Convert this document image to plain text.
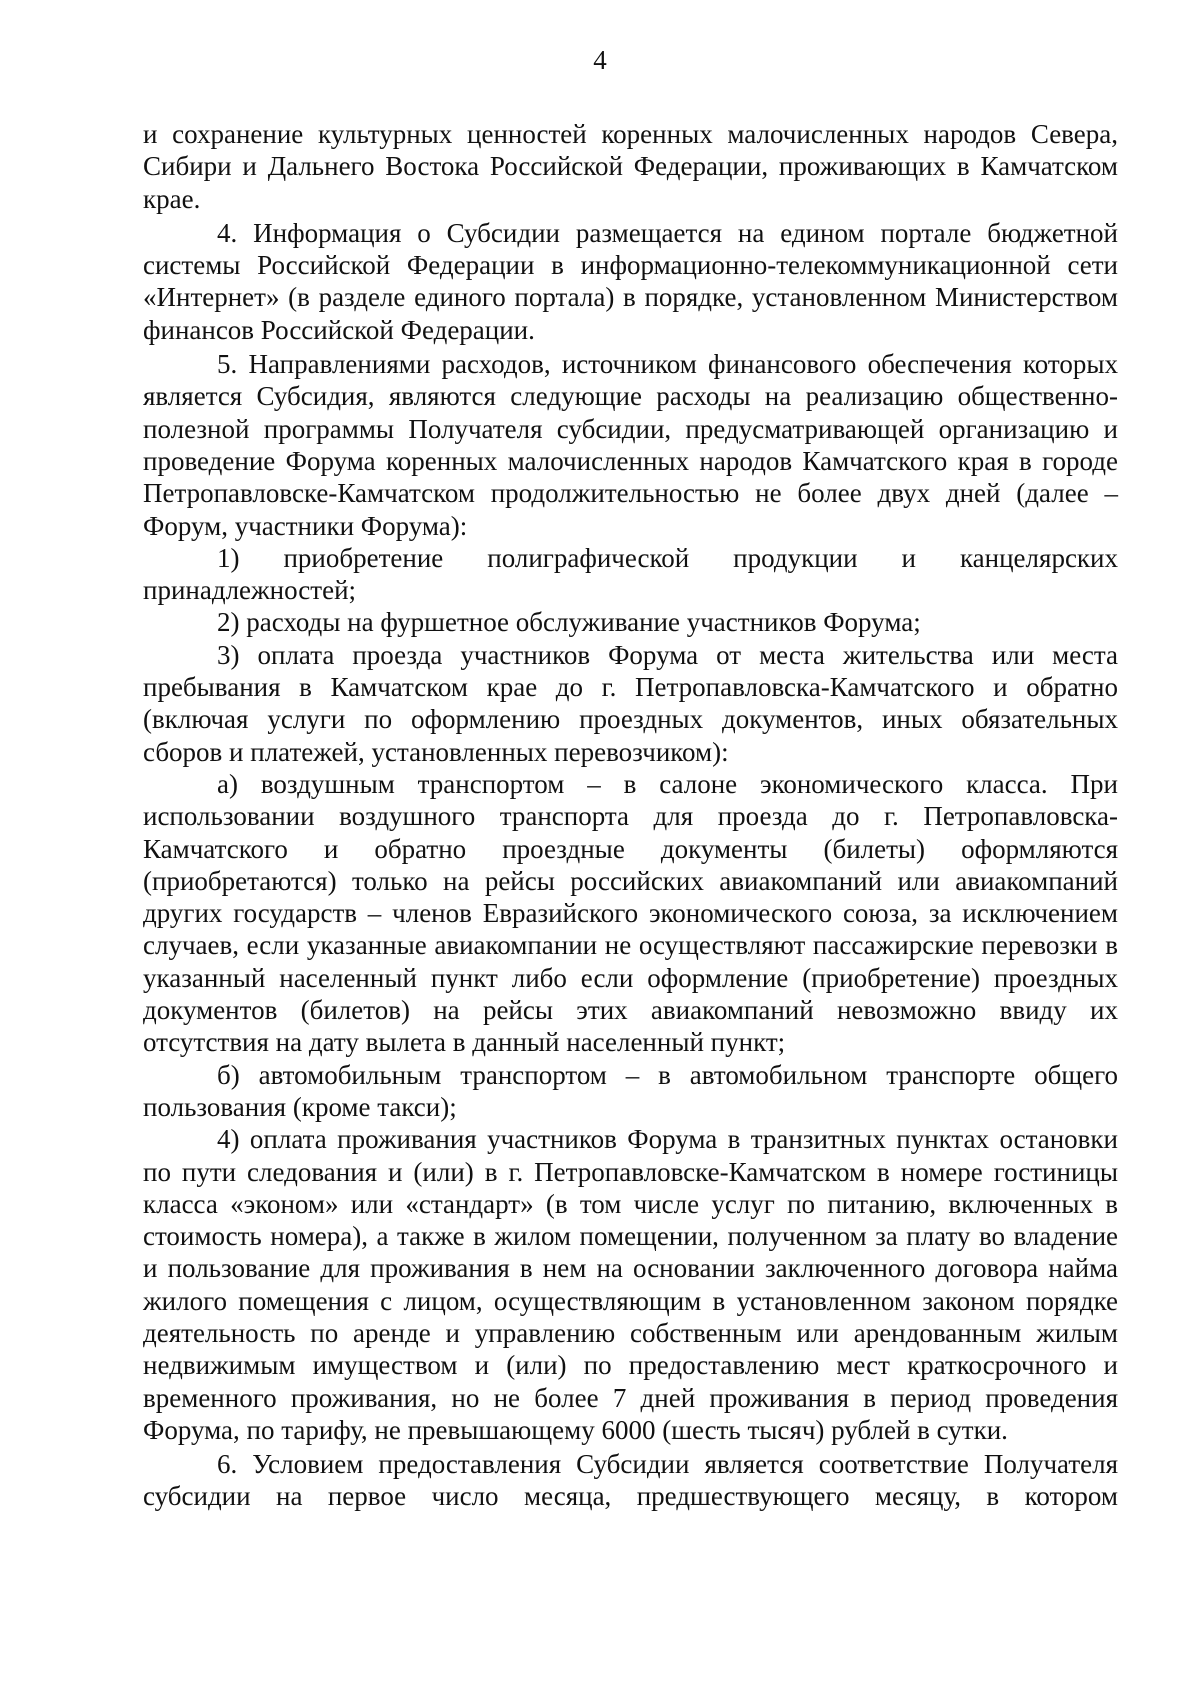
4

и сохранение культурных ценностей коренных малочисленных народов Севера, Сибири и Дальнего Востока Российской Федерации, проживающих в Камчатском крае.

4. Информация о Субсидии размещается на едином портале бюджетной системы Российской Федерации в информационно-телекоммуникационной сети «Интернет» (в разделе единого портала) в порядке, установленном Министерством финансов Российской Федерации.

5. Направлениями расходов, источником финансового обеспечения которых является Субсидия, являются следующие расходы на реализацию общественно-полезной программы Получателя субсидии, предусматривающей организацию и проведение Форума коренных малочисленных народов Камчатского края в городе Петропавловске-Камчатском продолжительностью не более двух дней (далее – Форум, участники Форума):

1) приобретение полиграфической продукции и канцелярских принадлежностей;

2) расходы на фуршетное обслуживание участников Форума;

3) оплата проезда участников Форума от места жительства или места пребывания в Камчатском крае до г. Петропавловска-Камчатского и обратно (включая услуги по оформлению проездных документов, иных обязательных сборов и платежей, установленных перевозчиком):

а) воздушным транспортом – в салоне экономического класса. При использовании воздушного транспорта для проезда до г. Петропавловска-Камчатского и обратно проездные документы (билеты) оформляются (приобретаются) только на рейсы российских авиакомпаний или авиакомпаний других государств – членов Евразийского экономического союза, за исключением случаев, если указанные авиакомпании не осуществляют пассажирские перевозки в указанный населенный пункт либо если оформление (приобретение) проездных документов (билетов) на рейсы этих авиакомпаний невозможно ввиду их отсутствия на дату вылета в данный населенный пункт;

б) автомобильным транспортом – в автомобильном транспорте общего пользования (кроме такси);

4) оплата проживания участников Форума в транзитных пунктах остановки по пути следования и (или) в г. Петропавловске-Камчатском в номере гостиницы класса «эконом» или «стандарт» (в том числе услуг по питанию, включенных в стоимость номера), а также в жилом помещении, полученном за плату во владение и пользование для проживания в нем на основании заключенного договора найма жилого помещения с лицом, осуществляющим в установленном законом порядке деятельность по аренде и управлению собственным или арендованным жилым недвижимым имуществом и (или) по предоставлению мест краткосрочного и временного проживания, но не более 7 дней проживания в период проведения Форума, по тарифу, не превышающему 6000 (шесть тысяч) рублей в сутки.

6. Условием предоставления Субсидии является соответствие Получателя субсидии на первое число месяца, предшествующего месяцу, в котором
